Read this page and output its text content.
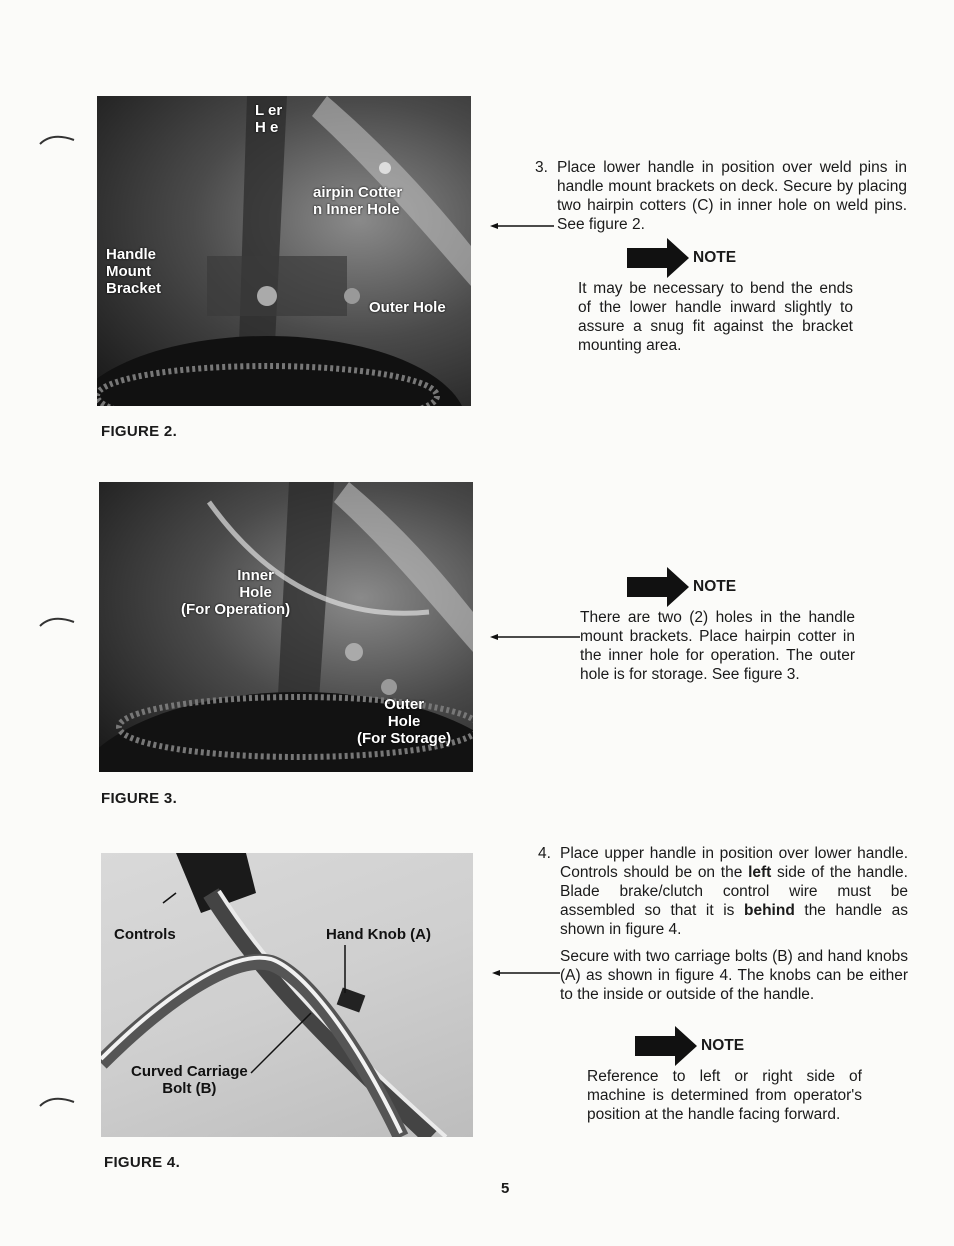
L er
H e
airpin Cotter
n Inner Hole
Handle
Mount
Bracket
Outer Hole
FIGURE 2.
3. Place lower handle in position over weld pins in handle mount brackets on deck. Secure by placing two hairpin cotters (C) in inner hole on weld pins. See figure 2.
NOTE
It may be necessary to bend the ends of the lower handle inward slightly to assure a snug fit against the bracket mounting area.
Inner
Hole
(For Operation)
Outer
Hole
(For Storage)
FIGURE 3.
NOTE
There are two (2) holes in the handle mount brackets. Place hairpin cotter in the inner hole for operation. The outer hole is for storage. See figure 3.
Controls	Hand Knob (A)
Curved Carriage
Bolt (B)
FIGURE 4.
4. Place upper handle in position over lower handle. Controls should be on the left side of the handle. Blade brake/clutch control wire must be assembled so that it is behind the handle as shown in figure 4.
Secure with two carriage bolts (B) and hand knobs (A) as shown in figure 4. The knobs can be either to the inside or outside of the handle.
NOTE
Reference to left or right side of machine is determined from operator's position at the handle facing forward.
5
